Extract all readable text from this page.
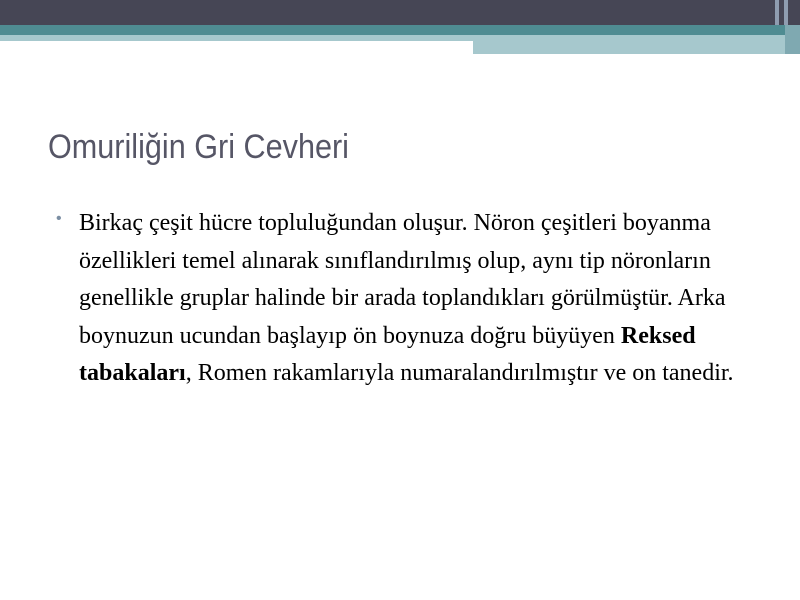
Omuriliğin Gri Cevheri
• Birkaç çeşit hücre topluluğundan oluşur. Nöron çeşitleri boyanma özellikleri temel alınarak sınıflandırılmış olup, aynı tip nöronların genellikle gruplar halinde bir arada toplandıkları görülmüştür. Arka boynuzun ucundan başlayıp ön boynuza doğru büyüyen Reksed tabakaları, Romen rakamlarıyla numaralandırılmıştır ve on tanedir.
